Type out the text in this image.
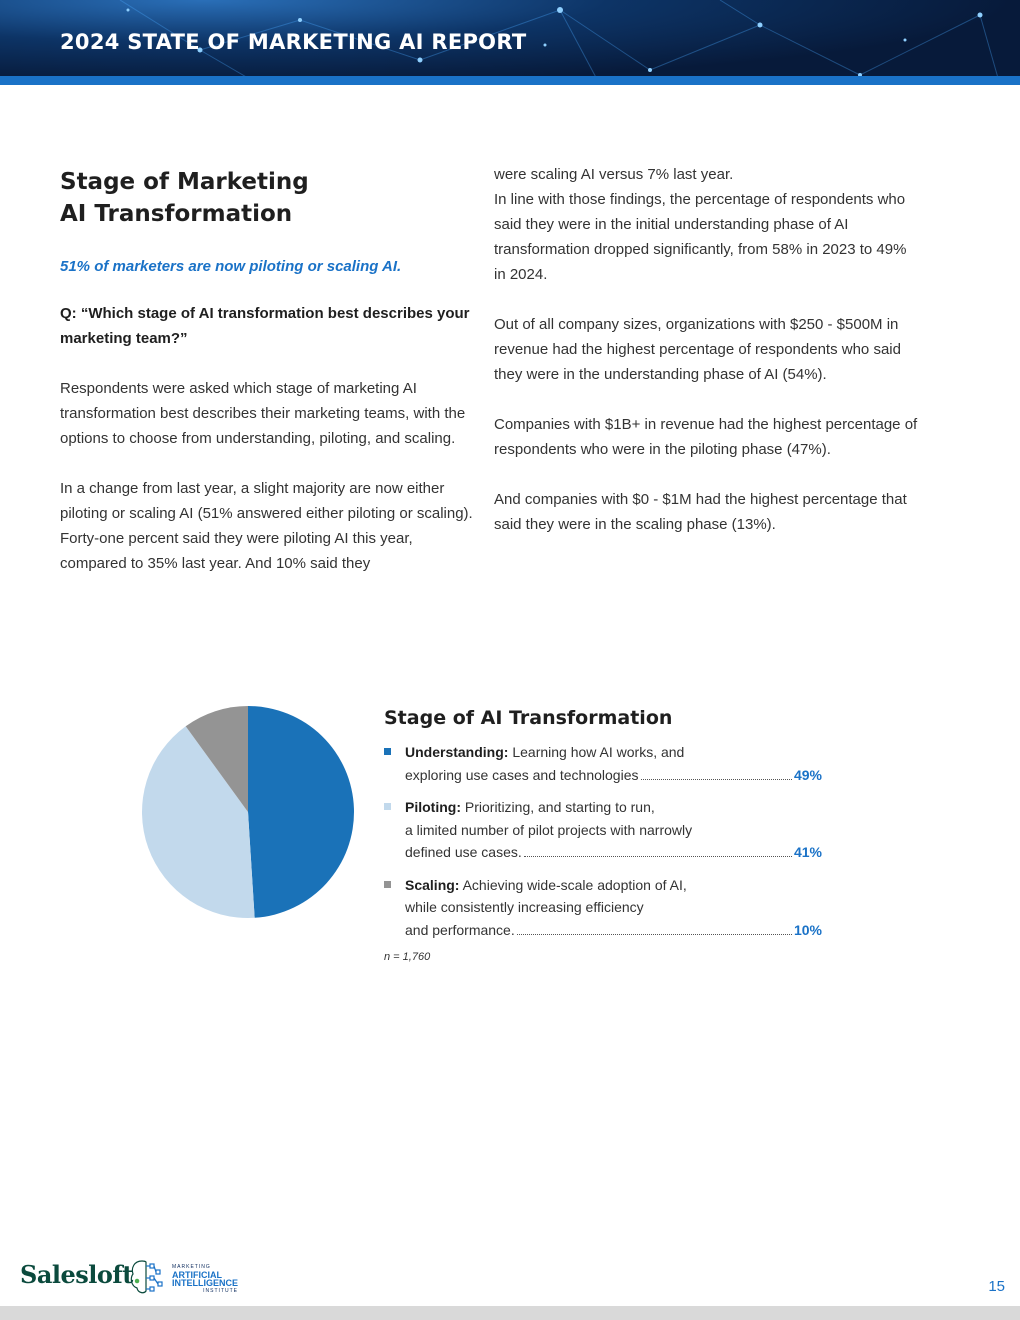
2024 STATE OF MARKETING AI REPORT
Stage of Marketing
AI Transformation
51% of marketers are now piloting or scaling AI.
Q: “Which stage of AI transformation best describes your marketing team?”

Respondents were asked which stage of marketing AI transformation best describes their marketing teams, with the options to choose from understanding, piloting, and scaling.

In a change from last year, a slight majority are now either piloting or scaling AI (51% answered either piloting or scaling). Forty-one percent said they were piloting AI this year, compared to 35% last year. And 10% said they

were scaling AI versus 7% last year.

In line with those findings, the percentage of respondents who said they were in the initial understanding phase of AI transformation dropped significantly, from 58% in 2023 to 49% in 2024.

Out of all company sizes, organizations with $250 - $500M in revenue had the highest percentage of respondents who said they were in the understanding phase of AI (54%).

Companies with $1B+ in revenue had the highest percentage of respondents who were in the piloting phase (47%).

And companies with $0 - $1M had the highest percentage that said they were in the scaling phase (13%).

Stage of AI Transformation
Understanding: Learning how AI works, and
exploring use cases and technologies	49%
Piloting: Prioritizing, and starting to run,
a limited number of pilot projects with narrowly
defined use cases.	41%
Scaling: Achieving wide-scale adoption of AI,
while consistently increasing efficiency
and performance.	10%
n = 1,760
Salesloft.	MARKETING
ARTIFICIAL
INTELLIGENCE
INSTITUTE	15
